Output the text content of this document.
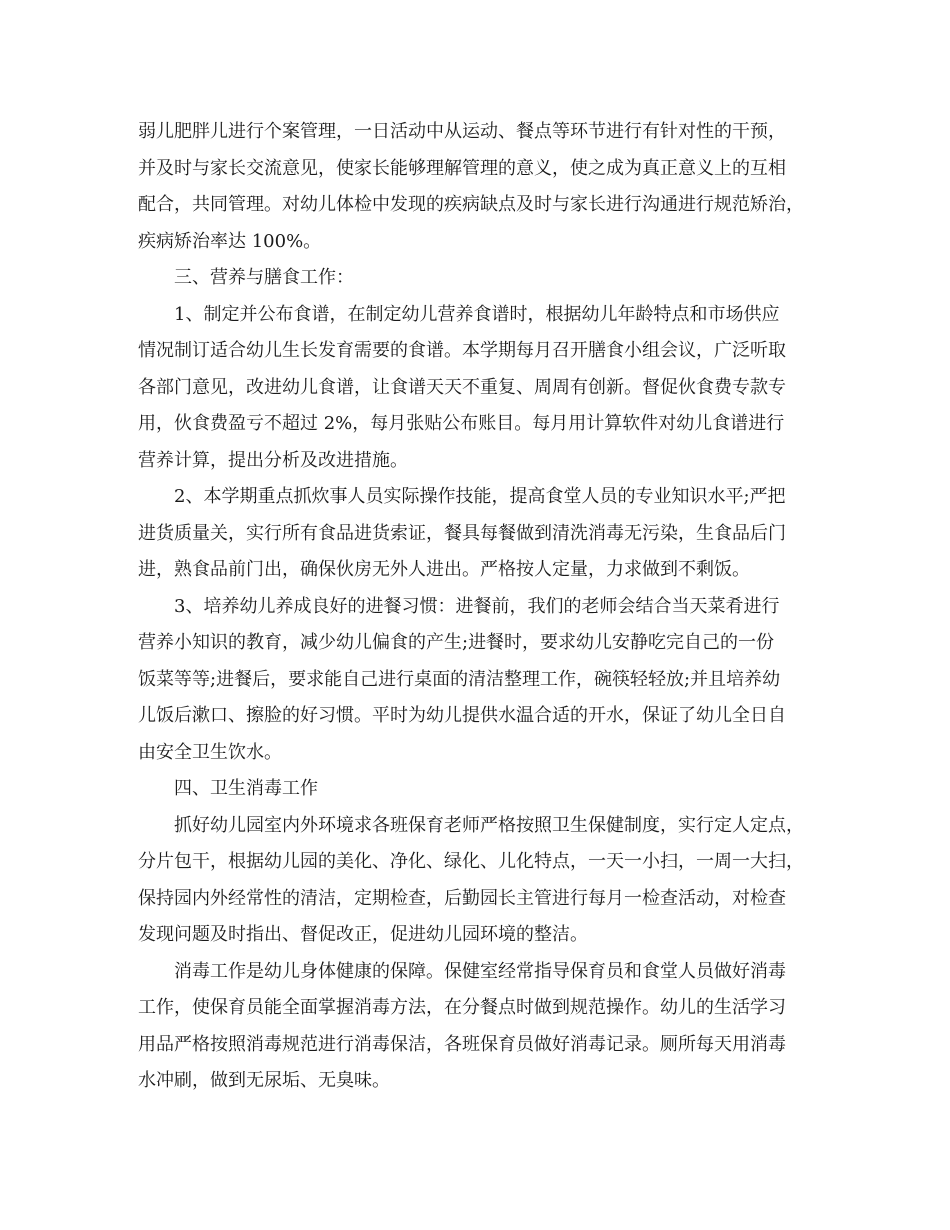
弱儿肥胖儿进行个案管理，一日活动中从运动、餐点等环节进行有针对性的干预，
并及时与家长交流意见，使家长能够理解管理的意义，使之成为真正意义上的互相
配合，共同管理。对幼儿体检中发现的疾病缺点及时与家长进行沟通进行规范矫治，
疾病矫治率达 100%。
　　三、营养与膳食工作：
　　1、制定并公布食谱，在制定幼儿营养食谱时，根据幼儿年龄特点和市场供应
情况制订适合幼儿生长发育需要的食谱。本学期每月召开膳食小组会议，广泛听取
各部门意见，改进幼儿食谱，让食谱天天不重复、周周有创新。督促伙食费专款专
用，伙食费盈亏不超过 2%，每月张贴公布账目。每月用计算软件对幼儿食谱进行
营养计算，提出分析及改进措施。
　　2、本学期重点抓炊事人员实际操作技能，提高食堂人员的专业知识水平;严把
进货质量关，实行所有食品进货索证，餐具每餐做到清洗消毒无污染，生食品后门
进，熟食品前门出，确保伙房无外人进出。严格按人定量，力求做到不剩饭。
　　3、培养幼儿养成良好的进餐习惯：进餐前，我们的老师会结合当天菜肴进行
营养小知识的教育，减少幼儿偏食的产生;进餐时，要求幼儿安静吃完自己的一份
饭菜等等;进餐后，要求能自己进行桌面的清洁整理工作，碗筷轻轻放;并且培养幼
儿饭后漱口、擦脸的好习惯。平时为幼儿提供水温合适的开水，保证了幼儿全日自
由安全卫生饮水。
　　四、卫生消毒工作
　　抓好幼儿园室内外环境求各班保育老师严格按照卫生保健制度，实行定人定点，
分片包干，根据幼儿园的美化、净化、绿化、儿化特点，一天一小扫，一周一大扫，
保持园内外经常性的清洁，定期检查，后勤园长主管进行每月一检查活动，对检查
发现问题及时指出、督促改正，促进幼儿园环境的整洁。
　　消毒工作是幼儿身体健康的保障。保健室经常指导保育员和食堂人员做好消毒
工作，使保育员能全面掌握消毒方法，在分餐点时做到规范操作。幼儿的生活学习
用品严格按照消毒规范进行消毒保洁，各班保育员做好消毒记录。厕所每天用消毒
水冲刷，做到无尿垢、无臭味。
